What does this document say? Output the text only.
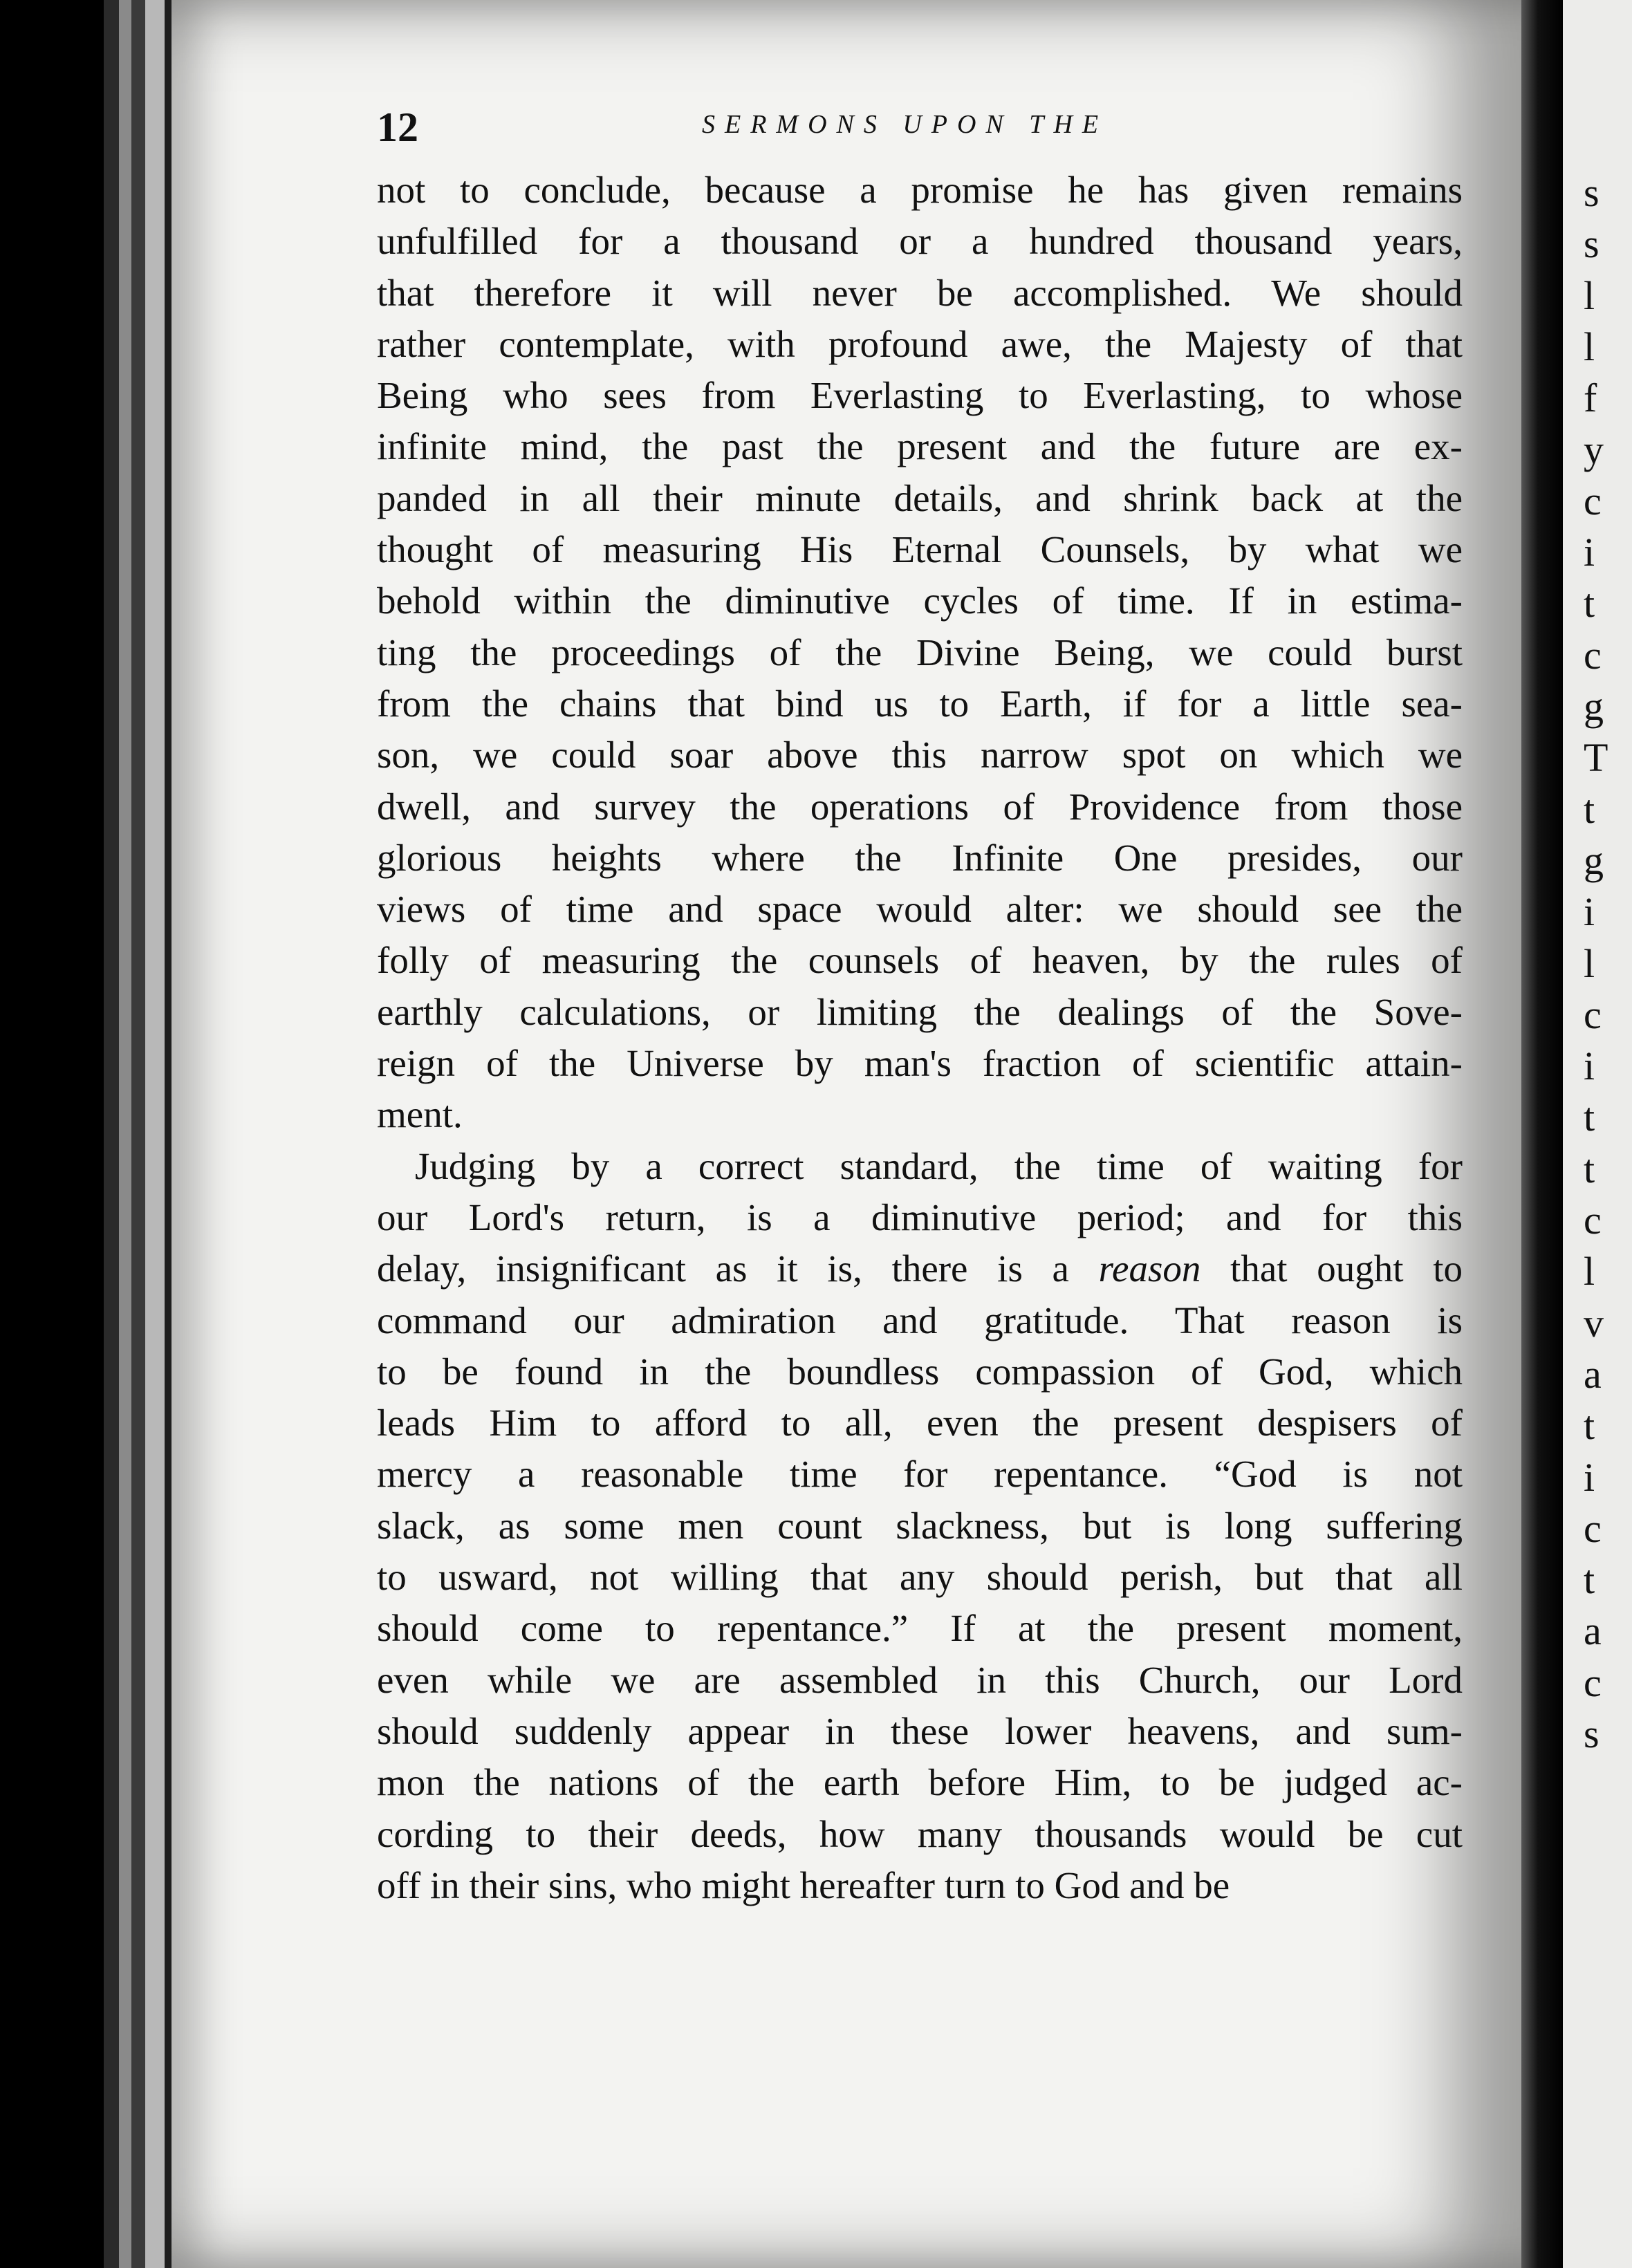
12	SERMONS UPON THE
not to conclude, because a promise he has given remains
unfulfilled for a thousand or a hundred thousand years,
that therefore it will never be accomplished. We should
rather contemplate, with profound awe, the Majesty of that
Being who sees from Everlasting to Everlasting, to whose
infinite mind, the past the present and the future are ex-
panded in all their minute details, and shrink back at the
thought of measuring His Eternal Counsels, by what we
behold within the diminutive cycles of time. If in estima-
ting the proceedings of the Divine Being, we could burst
from the chains that bind us to Earth, if for a little sea-
son, we could soar above this narrow spot on which we
dwell, and survey the operations of Providence from those
glorious heights where the Infinite One presides, our
views of time and space would alter: we should see the
folly of measuring the counsels of heaven, by the rules of
earthly calculations, or limiting the dealings of the Sove-
reign of the Universe by man's fraction of scientific attain-
ment.
Judging by a correct standard, the time of waiting for
our Lord's return, is a diminutive period; and for this
delay, insignificant as it is, there is a reason that ought to
command our admiration and gratitude. That reason is
to be found in the boundless compassion of God, which
leads Him to afford to all, even the present despisers of
mercy a reasonable time for repentance. “God is not
slack, as some men count slackness, but is long suffering
to usward, not willing that any should perish, but that all
should come to repentance.” If at the present moment,
even while we are assembled in this Church, our Lord
should suddenly appear in these lower heavens, and sum-
mon the nations of the earth before Him, to be judged ac-
cording to their deeds, how many thousands would be cut
off in their sins, who might hereafter turn to God and be
s
s
l
l
f
y
c
i
t
c
g
T
t
g
i
l
c
i
t
t
c
l
v
a
t
i
c
t
a
c
s
